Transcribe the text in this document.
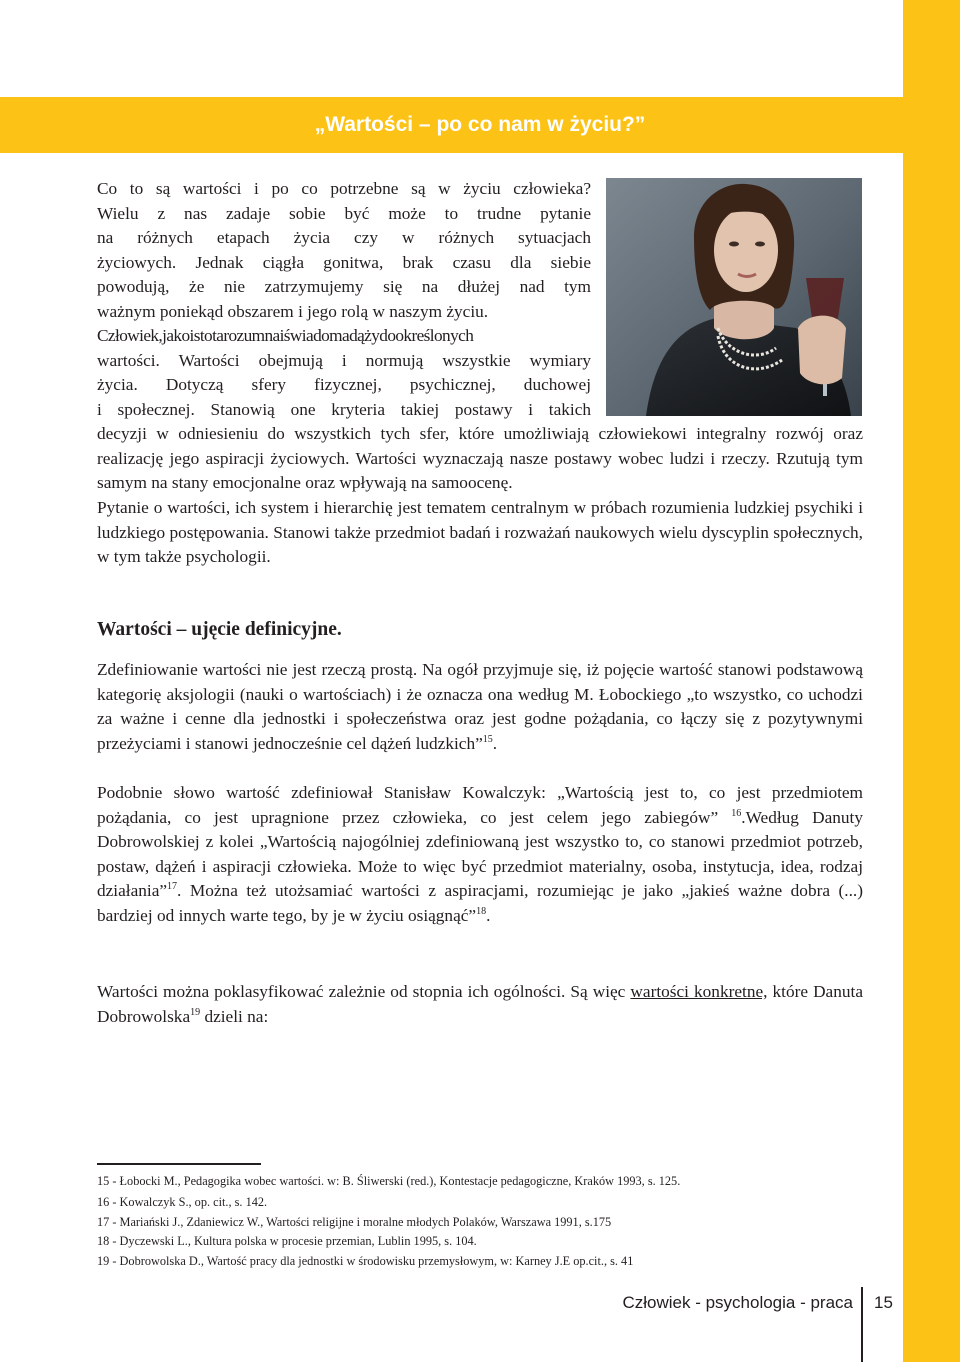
„Wartości – po co nam w życiu?”

Co to są wartości i po co potrzebne są w życiu człowieka?
Wielu z nas zadaje sobie być może to trudne pytanie
na różnych etapach życia czy w różnych sytuacjach
życiowych. Jednak ciągła gonitwa, brak czasu dla siebie
powodują, że nie zatrzymujemy się na dłużej nad tym
ważnym poniekąd obszarem i jego rolą w naszym życiu.
Człowiek,jakoistotarozumnaiświadomadążydookreślonych
wartości. Wartości obejmują i normują wszystkie wymiary
życia. Dotyczą sfery fizycznej, psychicznej, duchowej
i społecznej. Stanowią one kryteria takiej postawy i takich

decyzji w odniesieniu do wszystkich tych sfer, które umożliwiają człowiekowi integralny rozwój oraz realizację jego aspiracji życiowych. Wartości wyznaczają nasze postawy wobec ludzi i rzeczy. Rzutują tym samym na stany emocjonalne oraz wpływają na samoocenę.

Pytanie o wartości, ich system i hierarchię jest tematem centralnym w próbach rozumienia ludzkiej psychiki i ludzkiego postępowania. Stanowi także przedmiot badań i rozważań naukowych wielu dyscyplin społecznych, w tym także psychologii.

Wartości – ujęcie definicyjne.

Zdefiniowanie wartości nie jest rzeczą prostą. Na ogół przyjmuje się, iż pojęcie wartość stanowi podstawową kategorię aksjologii (nauki o wartościach) i że oznacza ona według M. Łobockiego „to wszystko, co uchodzi za ważne i cenne dla jednostki i społeczeństwa oraz jest godne pożądania, co łączy się z pozytywnymi przeżyciami i stanowi jednocześnie cel dążeń ludzkich”$^{15}$.

Podobnie słowo wartość zdefiniował Stanisław Kowalczyk: „Wartością jest to, co jest przedmiotem pożądania, co jest upragnione przez człowieka, co jest celem jego zabiegów” $^{16}$.Według Danuty Dobrowolskiej z kolei „Wartością najogólniej zdefiniowaną jest wszystko to, co stanowi przedmiot potrzeb, postaw, dążeń i aspiracji człowieka. Może to więc być przedmiot materialny, osoba, instytucja, idea, rodzaj działania”$^{17}$. Można też utożsamiać wartości z aspiracjami, rozumiejąc je jako „jakieś ważne dobra (...) bardziej od innych warte tego, by je w życiu osiągnąć”$^{18}$.

Wartości można poklasyfikować zależnie od stopnia ich ogólności. Są więc wartości konkretne, które Danuta Dobrowolska$^{19}$ dzieli na:

15 - Łobocki M., Pedagogika wobec wartości. w: B. Śliwerski (red.), Kontestacje pedagogiczne, Kraków 1993, s. 125.

16 - Kowalczyk S., op. cit., s. 142.

17 - Mariański J., Zdaniewicz W., Wartości religijne i moralne młodych Polaków, Warszawa 1991, s.175

18 - Dyczewski L., Kultura polska w procesie przemian, Lublin 1995, s. 104.

19 - Dobrowolska D., Wartość pracy dla jednostki w środowisku przemysłowym, w: Karney J.E op.cit., s. 41

Człowiek - psychologia - praca 15
